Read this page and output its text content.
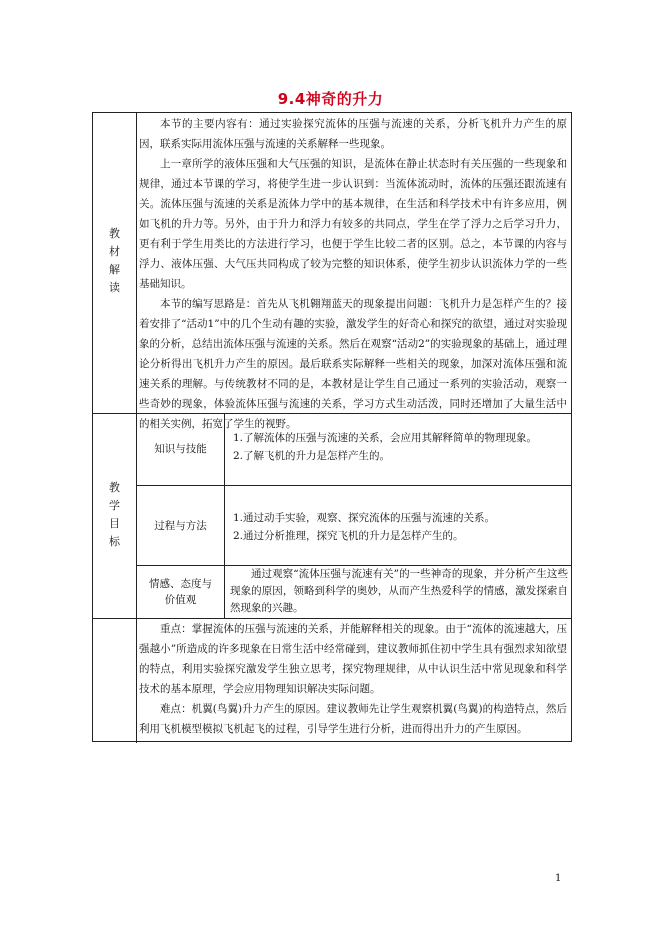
9.4神奇的升力
教
材
解
读

本节的主要内容有：通过实验探究流体的压强与流速的关系，分析飞机升力产生的原因，联系实际用流体压强与流速的关系解释一些现象。

上一章所学的液体压强和大气压强的知识，是流体在静止状态时有关压强的一些现象和规律，通过本节课的学习，将使学生进一步认识到：当流体流动时，流体的压强还跟流速有关。流体压强与流速的关系是流体力学中的基本规律，在生活和科学技术中有许多应用，例如飞机的升力等。另外，由于升力和浮力有较多的共同点，学生在学了浮力之后学习升力，更有利于学生用类比的方法进行学习，也便于学生比较二者的区别。总之，本节课的内容与浮力、液体压强、大气压共同构成了较为完整的知识体系，使学生初步认识流体力学的一些基础知识。

本节的编写思路是：首先从飞机翱翔蓝天的现象提出问题：飞机升力是怎样产生的？接着安排了“活动1”中的几个生动有趣的实验，激发学生的好奇心和探究的欲望，通过对实验现象的分析，总结出流体压强与流速的关系。然后在观察“活动2”的实验现象的基础上，通过理论分析得出飞机升力产生的原因。最后联系实际解释一些相关的现象，加深对流体压强和流速关系的理解。与传统教材不同的是，本教材是让学生自己通过一系列的实验活动，观察一些奇妙的现象，体验流体压强与流速的关系，学习方式生动活泼，同时还增加了大量生活中的相关实例，拓宽了学生的视野。

教
学
目
标
知识与技能

1.了解流体的压强与流速的关系，会应用其解释简单的物理现象。

2.了解飞机的升力是怎样产生的。

过程与方法

1.通过动手实验，观察、探究流体的压强与流速的关系。

2.通过分析推理，探究飞机的升力是怎样产生的。

情感、态度与
价值观

通过观察“流体压强与流速有关”的一些神奇的现象，并分析产生这些现象的原因，领略到科学的奥妙，从而产生热爱科学的情感，激发探索自然现象的兴趣。

重点：掌握流体的压强与流速的关系，并能解释相关的现象。由于“流体的流速越大，压强越小”所造成的许多现象在日常生活中经常碰到，建议教师抓住初中学生具有强烈求知欲望的特点，利用实验探究激发学生独立思考，探究物理规律，从中认识生活中常见现象和科学技术的基本原理，学会应用物理知识解决实际问题。

难点：机翼(鸟翼)升力产生的原因。建议教师先让学生观察机翼(鸟翼)的构造特点，然后利用飞机模型模拟飞机起飞的过程，引导学生进行分析，进而得出升力的产生原因。

1
